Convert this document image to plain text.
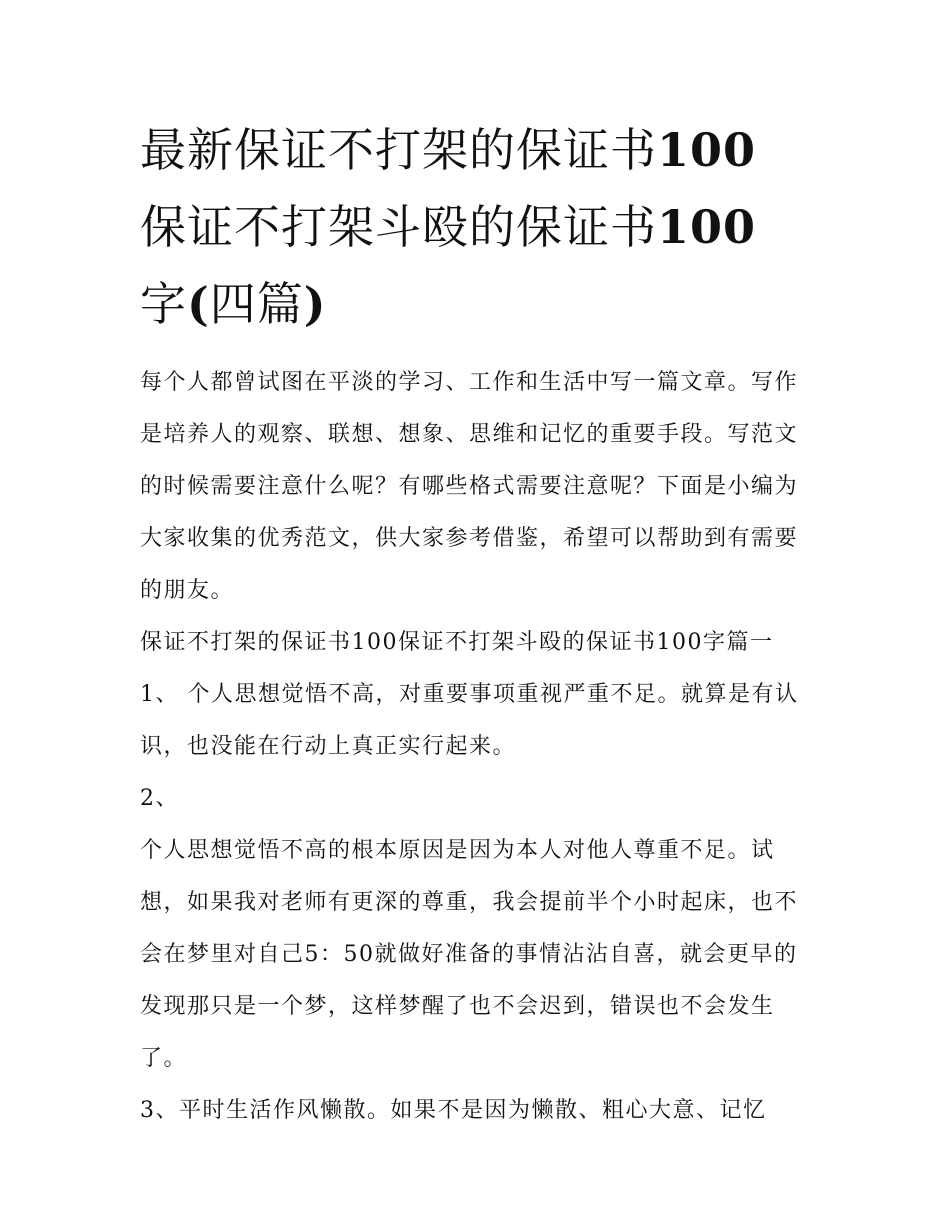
最新保证不打架的保证书100
保证不打架斗殴的保证书100
字(四篇)

每个人都曾试图在平淡的学习、工作和生活中写一篇文章。写作是培养人的观察、联想、想象、思维和记忆的重要手段。写范文的时候需要注意什么呢？有哪些格式需要注意呢？下面是小编为大家收集的优秀范文，供大家参考借鉴，希望可以帮助到有需要的朋友。

保证不打架的保证书100保证不打架斗殴的保证书100字篇一

1、 个人思想觉悟不高，对重要事项重视严重不足。就算是有认识，也没能在行动上真正实行起来。

2、

个人思想觉悟不高的根本原因是因为本人对他人尊重不足。试想，如果我对老师有更深的尊重，我会提前半个小时起床，也不会在梦里对自己5：50就做好准备的事情沾沾自喜，就会更早的发现那只是一个梦，这样梦醒了也不会迟到，错误也不会发生了。

3、平时生活作风懒散。如果不是因为懒散、粗心大意、记忆
